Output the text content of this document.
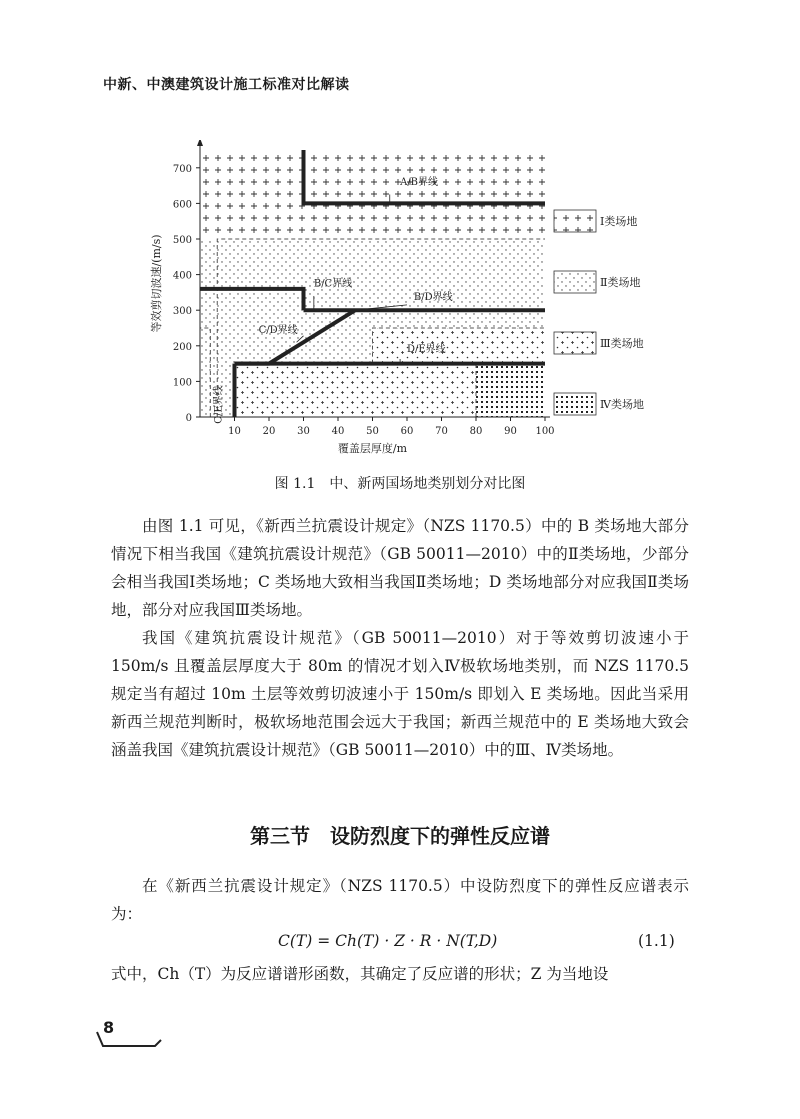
中新、中澳建筑设计施工标准对比解读
0
100
200
300
400
500
600
700
10 20 30 40 50 60 70 80 90 100
覆盖层厚度/m
等效剪切波速/(m/s)
A/B界线
B/C界线
B/D界线
C/D界线
D/E界线
C/E界线
Ⅰ类场地
Ⅱ类场地
Ⅲ类场地
Ⅳ类场地
图 1.1　中、新两国场地类别划分对比图
由图 1.1 可见，《新西兰抗震设计规定》（NZS 1170.5）中的 B 类场地大部分情况下相当我国《建筑抗震设计规范》（GB 50011—2010）中的Ⅱ类场地，少部分会相当我国Ⅰ类场地；C 类场地大致相当我国Ⅱ类场地；D 类场地部分对应我国Ⅱ类场地，部分对应我国Ⅲ类场地。
我国《建筑抗震设计规范》（GB 50011—2010）对于等效剪切波速小于 150m/s 且覆盖层厚度大于 80m 的情况才划入Ⅳ极软场地类别，而 NZS 1170.5 规定当有超过 10m 土层等效剪切波速小于 150m/s 即划入 E 类场地。因此当采用新西兰规范判断时，极软场地范围会远大于我国；新西兰规范中的 E 类场地大致会涵盖我国《建筑抗震设计规范》（GB 50011—2010）中的Ⅲ、Ⅳ类场地。
第三节　设防烈度下的弹性反应谱
在《新西兰抗震设计规定》（NZS 1170.5）中设防烈度下的弹性反应谱表示为：
C(T) = Ch(T) · Z · R · N(T,D)	(1.1)
式中，Ch（T）为反应谱谱形函数，其确定了反应谱的形状；Z 为当地设
8
